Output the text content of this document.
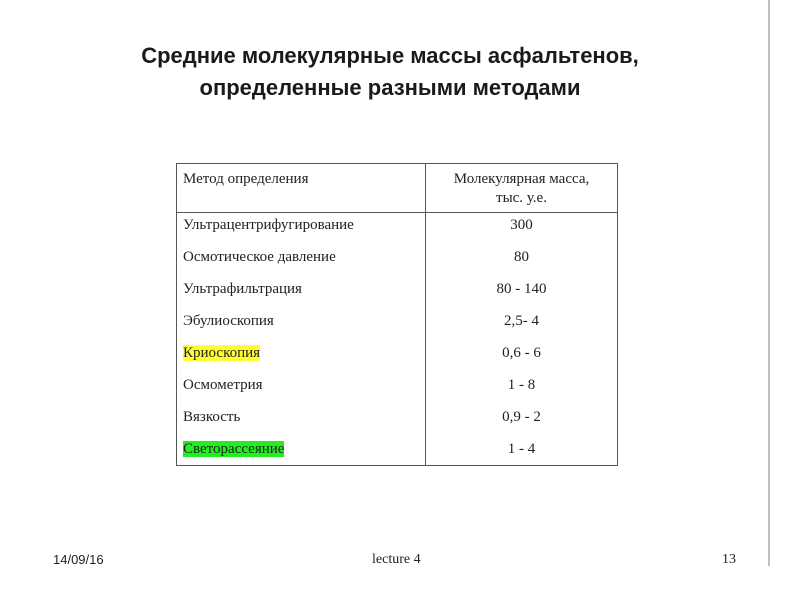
Средние молекулярные массы асфальтенов,
определенные разными методами
Метод определения	Молекулярная масса,
тыс. у.е.

Ультрацентрифугирование	300
Осмотическое давление	80
Ультрафильтрация	80 - 140
Эбулиоскопия	2,5- 4
Криоскопия	0,6 - 6
Осмометрия	1 - 8
Вязкость	0,9 - 2
Светорассеяние	1 - 4
14/09/16	lecture 4	13
